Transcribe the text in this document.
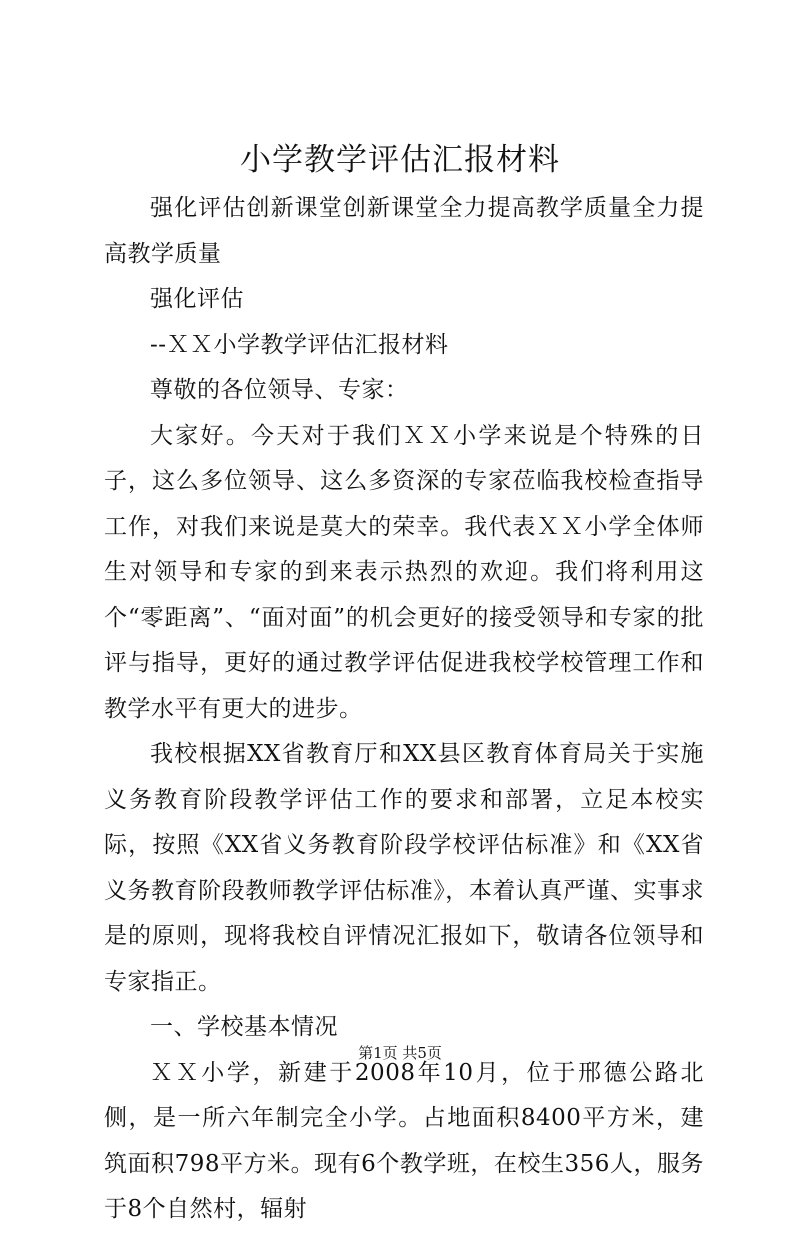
小学教学评估汇报材料

强化评估创新课堂创新课堂全力提高教学质量全力提高教学质量

强化评估

--ＸＸ小学教学评估汇报材料

尊敬的各位领导、专家：

大家好。今天对于我们ＸＸ小学来说是个特殊的日子，这么多位领导、这么多资深的专家莅临我校检查指导工作，对我们来说是莫大的荣幸。我代表ＸＸ小学全体师生对领导和专家的到来表示热烈的欢迎。我们将利用这个“零距离”、“面对面”的机会更好的接受领导和专家的批评与指导，更好的通过教学评估促进我校学校管理工作和教学水平有更大的进步。

我校根据XX省教育厅和XX县区教育体育局关于实施义务教育阶段教学评估工作的要求和部署，立足本校实际，按照《XX省义务教育阶段学校评估标准》和《XX省义务教育阶段教师教学评估标准》，本着认真严谨、实事求是的原则，现将我校自评情况汇报如下，敬请各位领导和专家指正。

一、学校基本情况

ＸＸ小学，新建于2008年10月，位于邢德公路北侧，是一所六年制完全小学。占地面积8400平方米，建筑面积798平方米。现有6个教学班，在校生356人，服务于8个自然村，辐射

第1页 共5页
